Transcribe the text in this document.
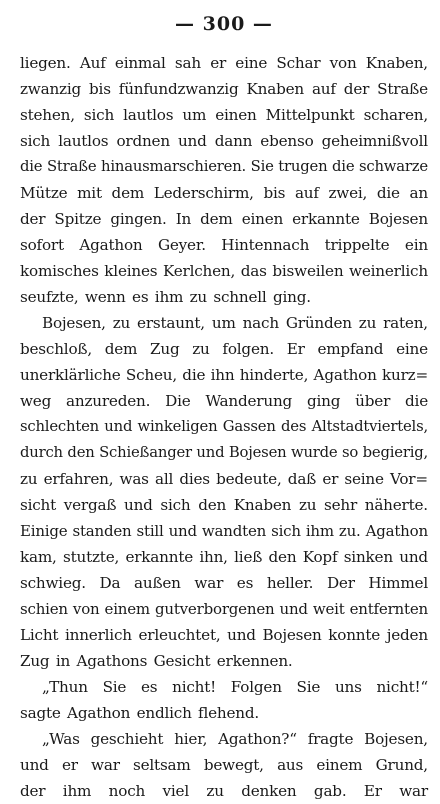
— 300 —
liegen. Auf einmal sah er eine Schar von Knaben,
zwanzig bis fünfundzwanzig Knaben auf der Straße
stehen, sich lautlos um einen Mittelpunkt scharen,
sich lautlos ordnen und dann ebenso geheimnißvoll
die Straße hinausmarschieren. Sie trugen die schwarze
Mütze mit dem Lederschirm, bis auf zwei, die an
der Spitze gingen. In dem einen erkannte Bojesen
sofort Agathon Geyer. Hintennach trippelte ein
komisches kleines Kerlchen, das bisweilen weinerlich
seufzte, wenn es ihm zu schnell ging.
Bojesen, zu erstaunt, um nach Gründen zu raten,
beschloß, dem Zug zu folgen. Er empfand eine
unerklärliche Scheu, die ihn hinderte, Agathon kurz=
weg anzureden. Die Wanderung ging über die
schlechten und winkeligen Gassen des Altstadtviertels,
durch den Schießanger und Bojesen wurde so begierig,
zu erfahren, was all dies bedeute, daß er seine Vor=
sicht vergaß und sich den Knaben zu sehr näherte.
Einige standen still und wandten sich ihm zu. Agathon
kam, stutzte, erkannte ihn, ließ den Kopf sinken und
schwieg. Da außen war es heller. Der Himmel
schien von einem gutverborgenen und weit entfernten
Licht innerlich erleuchtet, und Bojesen konnte jeden
Zug in Agathons Gesicht erkennen.
„Thun Sie es nicht! Folgen Sie uns nicht!“
sagte Agathon endlich flehend.
„Was geschieht hier, Agathon?“ fragte Bojesen,
und er war seltsam bewegt, aus einem Grund,
der ihm noch viel zu denken gab. Er war
